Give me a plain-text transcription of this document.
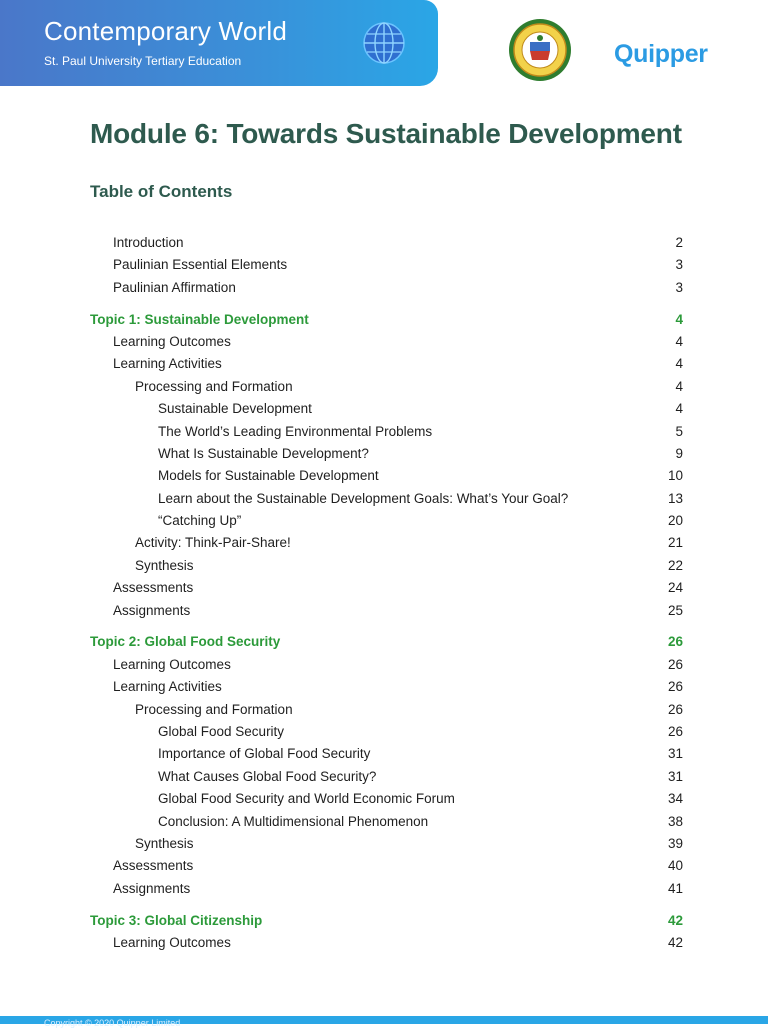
Contemporary World
St. Paul University Tertiary Education	Quipper
Module 6: Towards Sustainable Development
Table of Contents
Introduction	2
Paulinian Essential Elements	3
Paulinian Affirmation	3
Topic 1: Sustainable Development	4
Learning Outcomes	4
Learning Activities	4
Processing and Formation	4
Sustainable Development	4
The World’s Leading Environmental Problems	5
What Is Sustainable Development?	9
Models for Sustainable Development	10
Learn about the Sustainable Development Goals: What’s Your Goal?	13
“Catching Up”	20
Activity: Think-Pair-Share!	21
Synthesis	22
Assessments	24
Assignments	25
Topic 2: Global Food Security	26
Learning Outcomes	26
Learning Activities	26
Processing and Formation	26
Global Food Security	26
Importance of Global Food Security	31
What Causes Global Food Security?	31
Global Food Security and World Economic Forum	34
Conclusion: A Multidimensional Phenomenon	38
Synthesis	39
Assessments	40
Assignments	41
Topic 3: Global Citizenship	42
Learning Outcomes	42
Copyright © 2020 Quipper Limited
